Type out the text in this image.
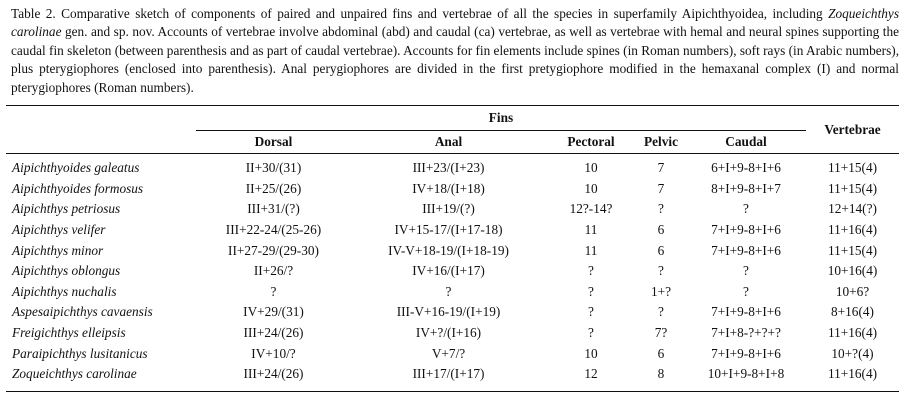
Table 2. Comparative sketch of components of paired and unpaired fins and vertebrae of all the species in superfamily Aipichthyoidea, including Zoqueichthys carolinae gen. and sp. nov. Accounts of vertebrae involve abdominal (abd) and caudal (ca) vertebrae, as well as vertebrae with hemal and neural spines supporting the caudal fin skeleton (between parenthesis and as part of caudal vertebrae). Accounts for fin elements include spines (in Roman numbers), soft rays (in Arabic numbers), plus pterygiophores (enclosed into parenthesis). Anal perygiophores are divided in the first pretygiophore modified in the hemaxanal complex (I) and normal pterygiophores (Roman numbers).

	Fins					Vertebrae
	Dorsal	Anal	Pectoral	Pelvic	Caudal	
Aipichthyoides galeatus	II+30/(31)	III+23/(I+23)	10	7	6+I+9-8+I+6	11+15(4)
Aipichthyoides formosus	II+25/(26)	IV+18/(I+18)	10	7	8+I+9-8+I+7	11+15(4)
Aipichthys petriosus	III+31/(?)	III+19/(?)	12?-14?	?	?	12+14(?)
Aipichthys velifer	III+22-24/(25-26)	IV+15-17/(I+17-18)	11	6	7+I+9-8+I+6	11+16(4)
Aipichthys minor	II+27-29/(29-30)	IV-V+18-19/(I+18-19)	11	6	7+I+9-8+I+6	11+15(4)
Aipichthys oblongus	II+26/?	IV+16/(I+17)	?	?	?	10+16(4)
Aipichthys nuchalis	?	?	?	1+?	?	10+6?
Aspesaipichthys cavaensis	IV+29/(31)	III-V+16-19/(I+19)	?	?	7+I+9-8+I+6	8+16(4)
Freigichthys elleipsis	III+24/(26)	IV+?/(I+16)	?	7?	7+I+8-?+?+?	11+16(4)
Paraipichthys lusitanicus	IV+10/?	V+7/?	10	6	7+I+9-8+I+6	10+?(4)
Zoqueichthys carolinae	III+24/(26)	III+17/(I+17)	12	8	10+I+9-8+I+8	11+16(4)
